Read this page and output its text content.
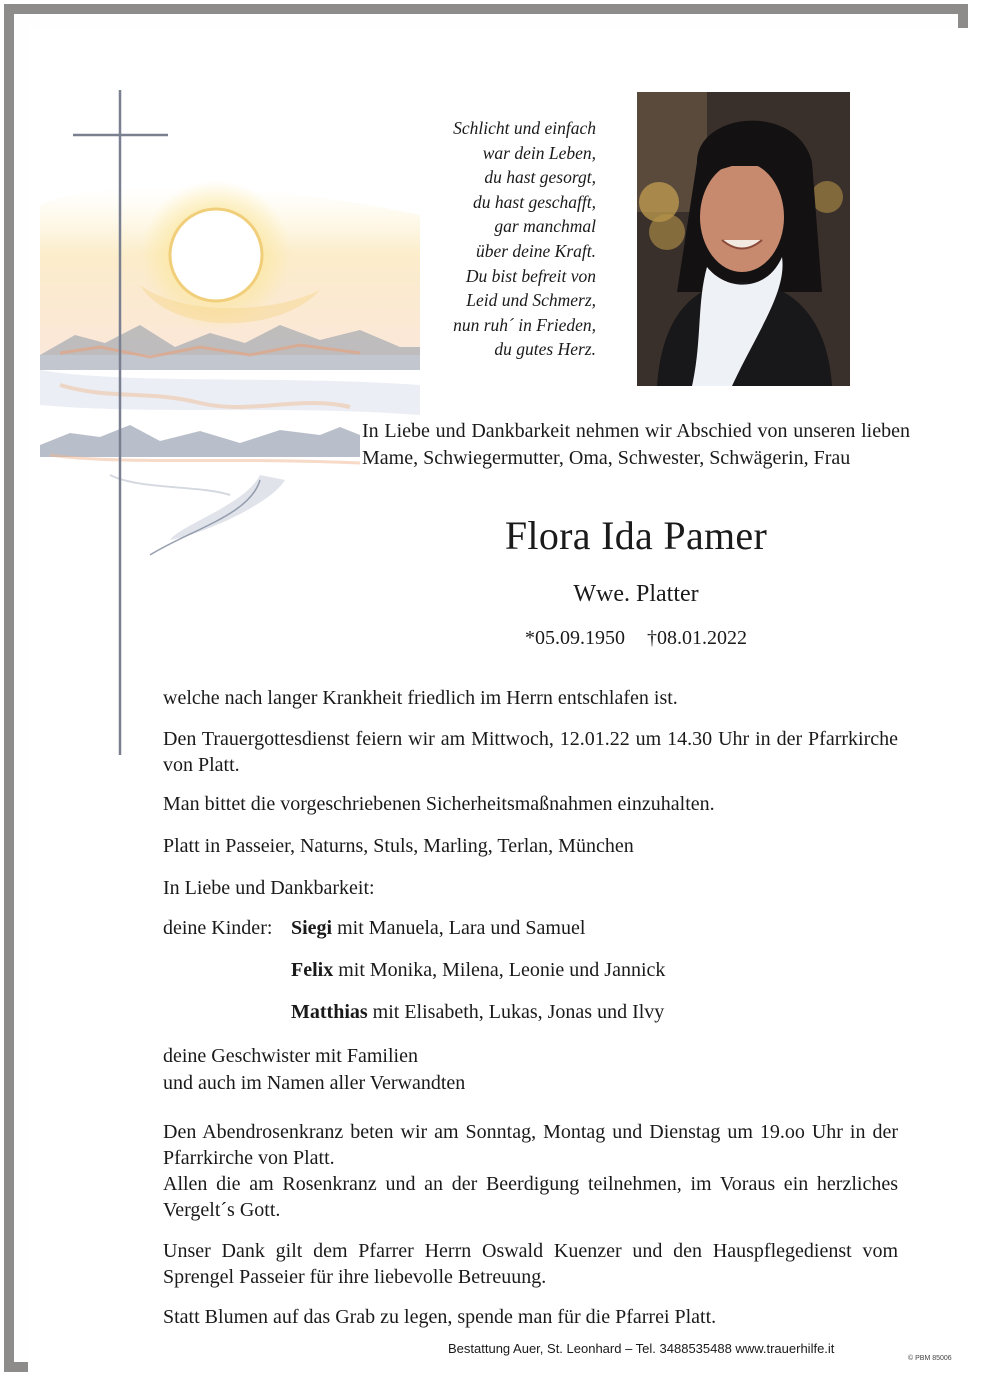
Schlicht und einfach
war dein Leben,
du hast gesorgt,
du hast geschafft,
gar manchmal
über deine Kraft.
Du bist befreit von
Leid und Schmerz,
nun ruh´ in Frieden,
du gutes Herz.
In Liebe und Dankbarkeit nehmen wir Abschied von unseren lieben Mame, Schwiegermutter, Oma, Schwester, Schwägerin, Frau
Flora Ida Pamer
Wwe. Platter
*05.09.1950 †08.01.2022
welche nach langer Krankheit friedlich im Herrn entschlafen ist.
Den Trauergottesdienst feiern wir am Mittwoch, 12.01.22 um 14.30 Uhr in der Pfarrkirche von Platt.
Man bittet die vorgeschriebenen Sicherheitsmaßnahmen einzuhalten.
Platt in Passeier, Naturns, Stuls, Marling, Terlan, München
In Liebe und Dankbarkeit:
deine Kinder: Siegi mit Manuela, Lara und Samuel
Felix mit Monika, Milena, Leonie und Jannick
Matthias mit Elisabeth, Lukas, Jonas und Ilvy
deine Geschwister mit Familien
und auch im Namen aller Verwandten
Den Abendrosenkranz beten wir am Sonntag, Montag und Dienstag um 19.oo Uhr in der Pfarrkirche von Platt.
Allen die am Rosenkranz und an der Beerdigung teilnehmen, im Voraus ein herzliches Vergelt´s Gott.
Unser Dank gilt dem Pfarrer Herrn Oswald Kuenzer und den Hauspflegedienst vom Sprengel Passeier für ihre liebevolle Betreuung.
Statt Blumen auf das Grab zu legen, spende man für die Pfarrei Platt.
Bestattung Auer, St. Leonhard – Tel. 3488535488 www.trauerhilfe.it
© PBM 85006
